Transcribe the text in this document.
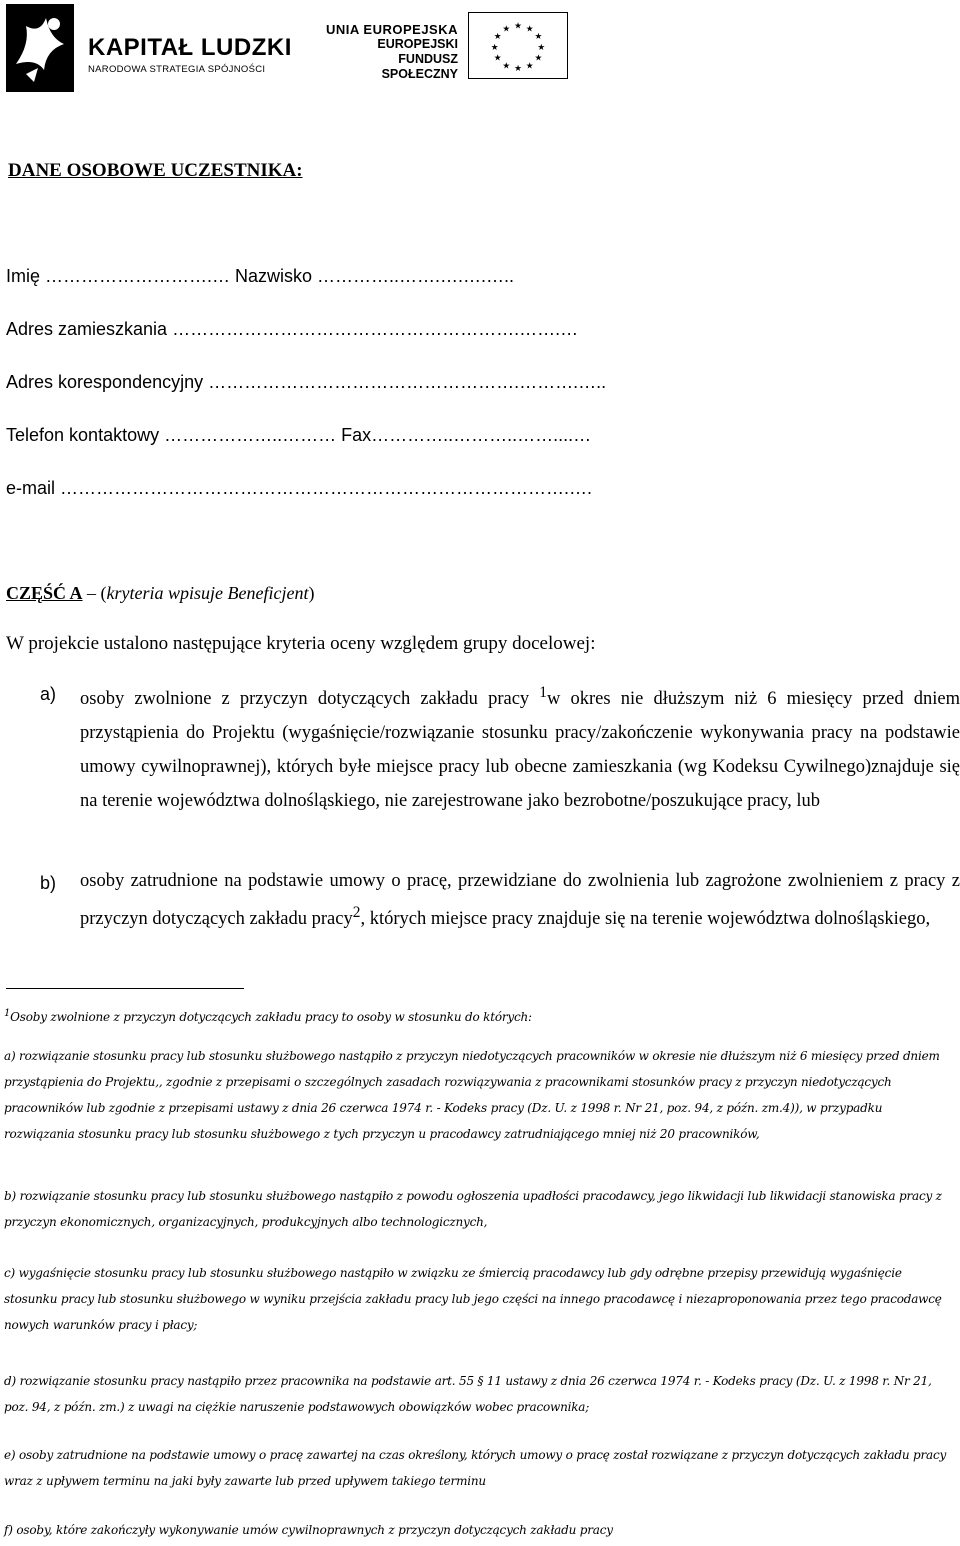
KAPITAŁ LUDZKI
NARODOWA STRATEGIA SPÓJNOŚCI
UNIA EUROPEJSKA
EUROPEJSKI
FUNDUSZ SPOŁECZNY
★ ★
★
★
★
★
★
★
★
★
★
★
DANE OSOBOWE UCZESTNIKA:
Imię ……………………….… Nazwisko …………..…….….….…..
Adres zamieszkania ………………………………………………….…….…
Adres korespondencyjny …………………………………………….……….…..
Telefon kontaktowy ………………..……… Fax…………..………..……....…
e-mail ………………………………………………………………………….….
CZĘŚĆ A – (kryteria wpisuje Beneficjent)
W projekcie ustalono następujące kryteria oceny względem grupy docelowej:
a) osoby zwolnione z przyczyn dotyczących zakładu pracy $^1$w okres nie dłuższym niż 6 miesięcy przed dniem przystąpienia do Projektu (wygaśnięcie/rozwiązanie stosunku pracy/zakończenie wykonywania pracy na podstawie umowy cywilnoprawnej), których byłe miejsce pracy lub obecne zamieszkania (wg Kodeksu Cywilnego)znajduje się na terenie województwa dolnośląskiego, nie zarejestrowane jako bezrobotne/poszukujące pracy, lub
b) osoby zatrudnione na podstawie umowy o pracę, przewidziane do zwolnienia lub zagrożone zwolnieniem z pracy z przyczyn dotyczących zakładu pracy$^2$, których miejsce pracy znajduje się na terenie województwa dolnośląskiego,
$^1$Osoby zwolnione z przyczyn dotyczących zakładu pracy to osoby w stosunku do których:
a) rozwiązanie stosunku pracy lub stosunku służbowego nastąpiło z przyczyn niedotyczących pracowników w okresie nie dłuższym niż 6 miesięcy przed dniem przystąpienia do Projektu,, zgodnie z przepisami o szczególnych zasadach rozwiązywania z pracownikami stosunków pracy z przyczyn niedotyczących pracowników lub zgodnie z przepisami ustawy z dnia 26 czerwca 1974 r. - Kodeks pracy (Dz. U. z 1998 r. Nr 21, poz. 94, z późn. zm.4)), w przypadku rozwiązania stosunku pracy lub stosunku służbowego z tych przyczyn u pracodawcy zatrudniającego mniej niż 20 pracowników,
b) rozwiązanie stosunku pracy lub stosunku służbowego nastąpiło z powodu ogłoszenia upadłości pracodawcy, jego likwidacji lub likwidacji stanowiska pracy z przyczyn ekonomicznych, organizacyjnych, produkcyjnych albo technologicznych,
c) wygaśnięcie stosunku pracy lub stosunku służbowego nastąpiło w związku ze śmiercią pracodawcy lub gdy odrębne przepisy przewidują wygaśnięcie stosunku pracy lub stosunku służbowego w wyniku przejścia zakładu pracy lub jego części na innego pracodawcę i niezaproponowania przez tego pracodawcę nowych warunków pracy i płacy;
d) rozwiązanie stosunku pracy nastąpiło przez pracownika na podstawie art. 55 § 11 ustawy z dnia 26 czerwca 1974 r. - Kodeks pracy (Dz. U. z 1998 r. Nr 21, poz. 94, z późn. zm.) z uwagi na ciężkie naruszenie podstawowych obowiązków wobec pracownika;
e) osoby zatrudnione na podstawie umowy o pracę zawartej na czas określony, których umowy o pracę został rozwiązane z przyczyn dotyczących zakładu pracy wraz z upływem terminu na jaki były zawarte lub przed upływem takiego terminu
f) osoby, które zakończyły wykonywanie umów cywilnoprawnych z przyczyn dotyczących zakładu pracy
